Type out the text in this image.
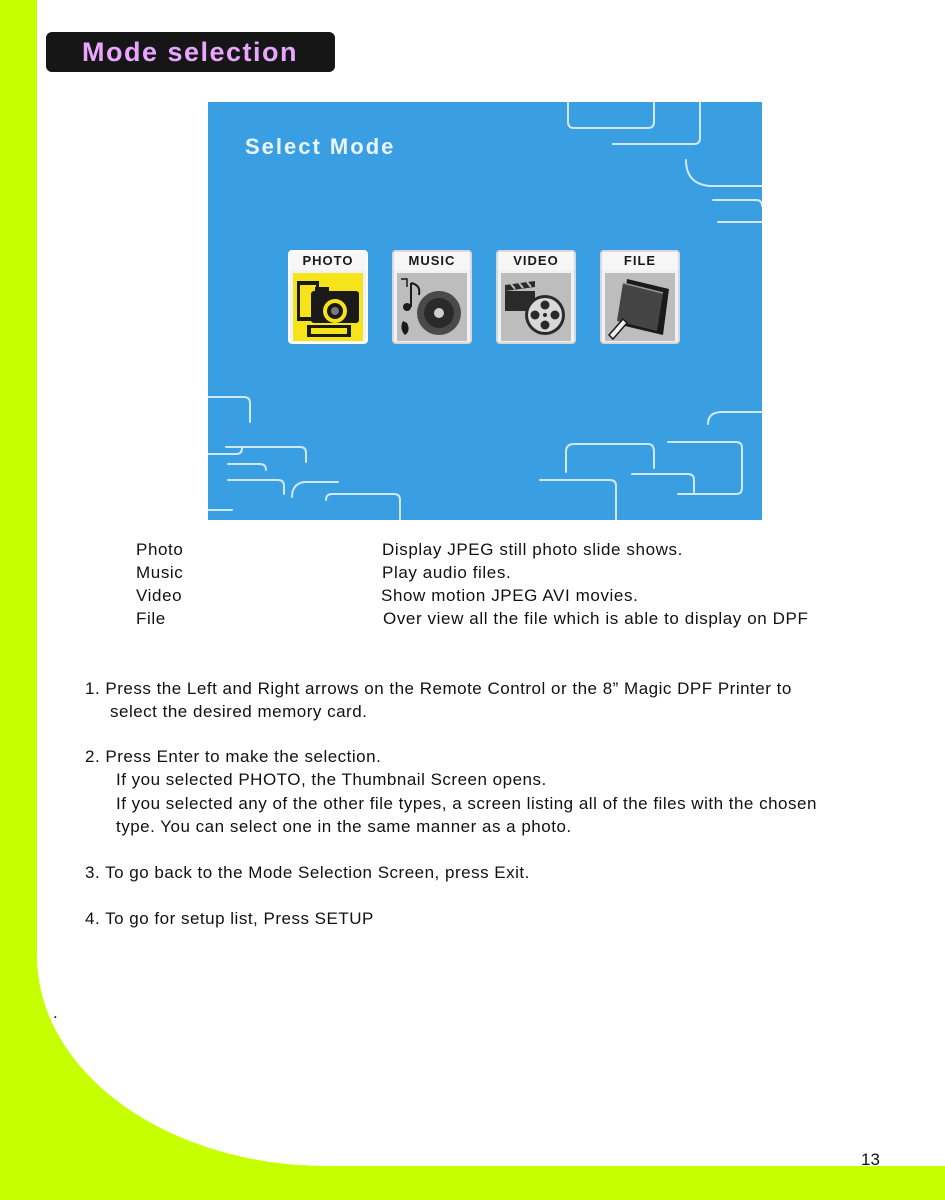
Mode selection
Select Mode
PHOTO	MUSIC	VIDEO	FILE
Photo	Display JPEG still photo slide shows.
Music	Play audio files.
Video	Show motion JPEG AVI movies.
File	Over view all the file which is able to display on DPF
1. Press the Left and Right arrows on the Remote Control or the 8” Magic DPF Printer to
select the desired memory card.
2. Press Enter to make the selection.
If you selected PHOTO, the Thumbnail Screen opens.
If you selected any of the other file types, a screen listing all of the files with the chosen
type. You can select one in the same manner as a photo.
3. To go back to the Mode Selection Screen, press Exit.
4. To go for setup list, Press SETUP
.
13
